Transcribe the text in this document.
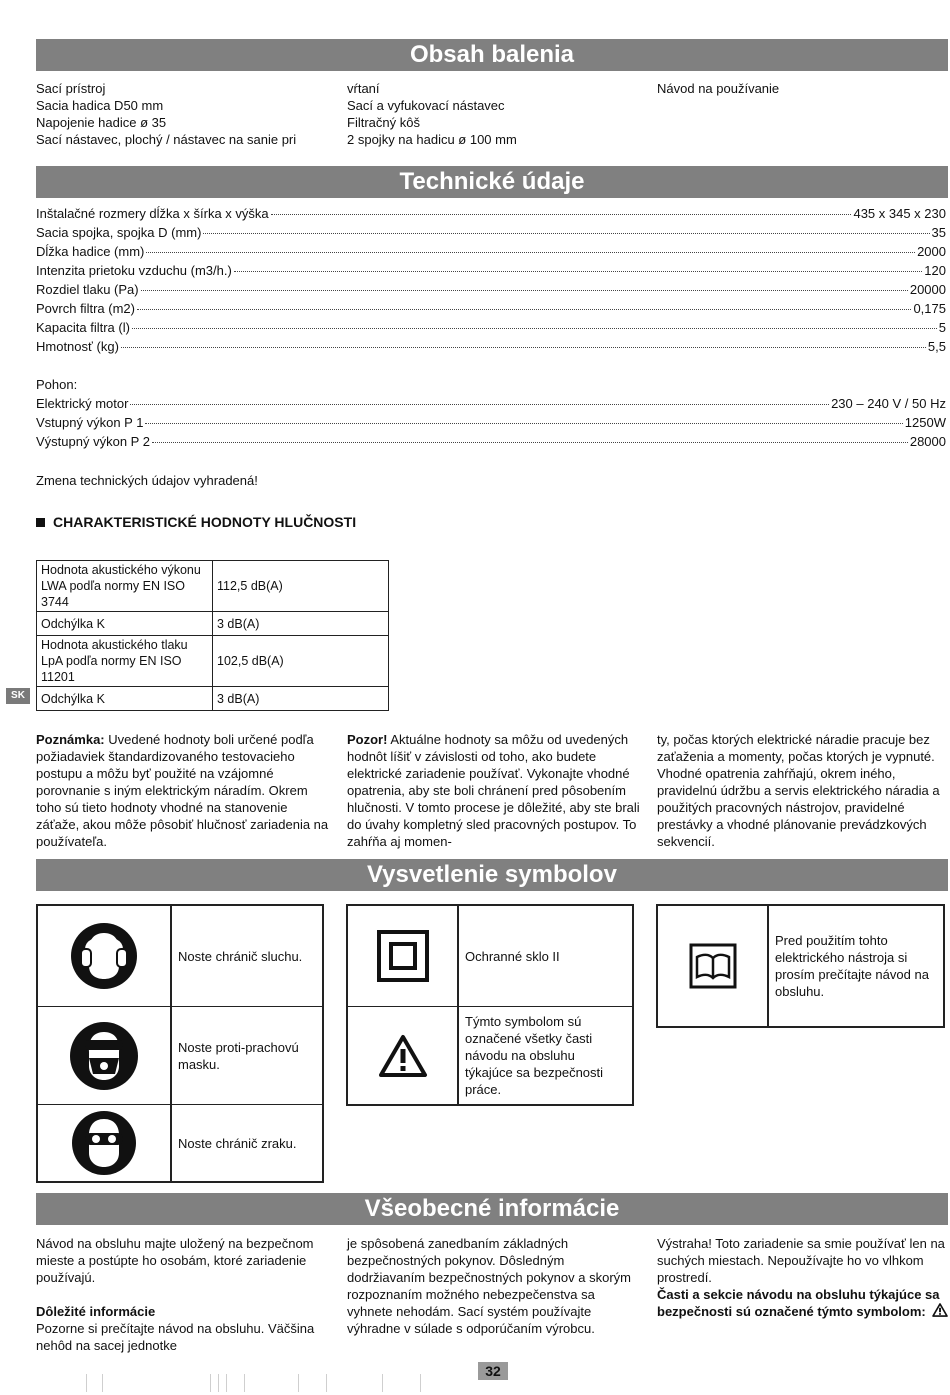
Obsah balenia
Sací prístroj
Sacia hadica D50 mm
Napojenie hadice ø 35
Sací nástavec, plochý / nástavec na sanie pri
vŕtaní
Sací a vyfukovací nástavec
Filtračný kôš
2 spojky na hadicu ø 100 mm
Návod na používanie
Technické údaje
Inštalačné rozmery dĺžka x šírka x výška	435 x 345 x 230
Sacia spojka, spojka D (mm)	35
Dĺžka hadice (mm)	2000
Intenzita prietoku vzduchu (m3/h.)	120
Rozdiel tlaku (Pa)	20000
Povrch filtra (m2)	0,175
Kapacita filtra (l)	5
Hmotnosť (kg)	5,5
Pohon:
Elektrický motor	230 – 240 V / 50 Hz
Vstupný výkon P 1	1250W
Výstupný výkon P 2	28000
Zmena technických údajov vyhradená!
CHARAKTERISTICKÉ HODNOTY HLUČNOSTI
Hodnota akustického výkonu LWA podľa normy EN ISO 3744	112,5 dB(A)
Odchýlka K	3 dB(A)
Hodnota akustického tlaku LpA podľa normy EN ISO 11201	102,5 dB(A)
Odchýlka K	3 dB(A)
SK

Poznámka: Uvedené hodnoty boli určené podľa požiadaviek štandardizovaného testovacieho postupu a môžu byť použité na vzájomné porovnanie s iným elektrickým náradím. Okrem toho sú tieto hodnoty vhodné na stanovenie záťaže, akou môže pôsobiť hlučnosť zariadenia na používateľa.

Pozor! Aktuálne hodnoty sa môžu od uvedených hodnôt líšiť v závislosti od toho, ako budete elektrické zariadenie používať. Vykonajte vhodné opatrenia, aby ste boli chránení pred pôsobením hlučnosti. V tomto procese je dôležité, aby ste brali do úvahy kompletný sled pracovných postupov. To zahŕňa aj momen-

ty, počas ktorých elektrické náradie pracuje bez zaťaženia a momenty, počas ktorých je vypnuté. Vhodné opatrenia zahŕňajú, okrem iného, pravidelnú údržbu a servis elektrického náradia a použitých pracovných nástrojov, pravidelné prestávky a vhodné plánovanie prevádzkových sekvencií.

Vysvetlenie symbolov
Noste chránič sluchu.
Noste proti-prachovú masku.
Noste chránič zraku.
Ochranné sklo II
Týmto symbolom sú označené všetky časti návodu na obsluhu týkajúce sa bezpečnosti práce.
Pred použitím tohto elektrického nástroja si prosím prečítajte návod na obsluhu.
Všeobecné informácie

Návod na obsluhu majte uložený na bezpečnom mieste a postúpte ho osobám, ktoré zariadenie používajú.

Dôležité informácie

Pozorne si prečítajte návod na obsluhu. Väčšina nehôd na sacej jednotke

je spôsobená zanedbaním základných bezpečnostných pokynov. Dôsledným dodržiavaním bezpečnostných pokynov a skorým rozpoznaním možného nebezpečenstva sa vyhnete nehodám. Sací systém používajte výhradne v súlade s odporúčaním výrobcu.

Výstraha! Toto zariadenie sa smie používať len na suchých miestach. Nepoužívajte ho vo vlhkom prostredí.

Časti a sekcie návodu na obsluhu týkajúce sa bezpečnosti sú označené týmto symbolom:

32
